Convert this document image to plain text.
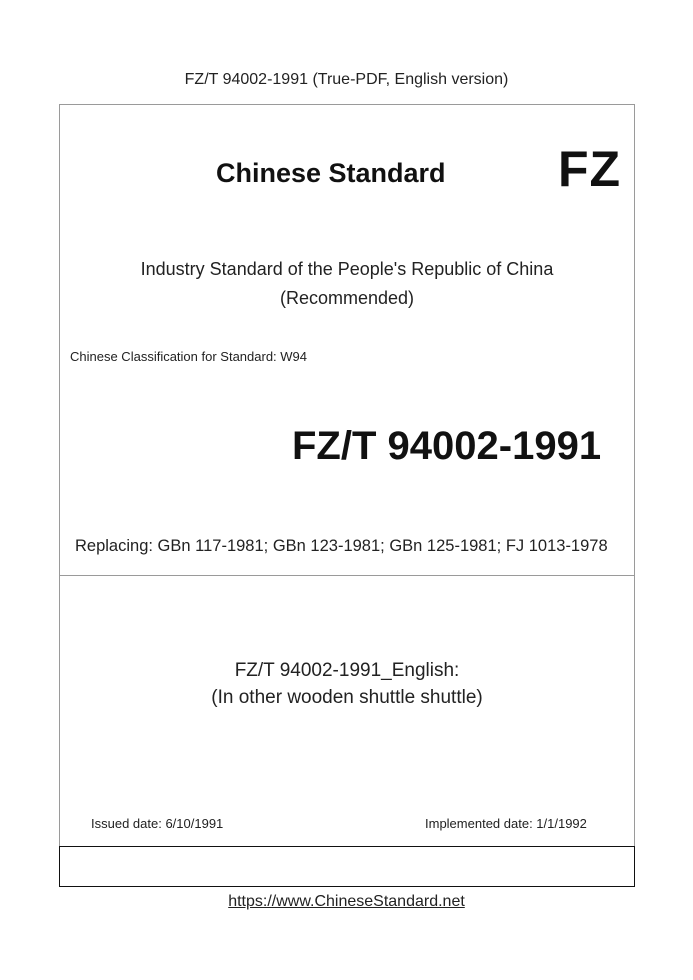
FZ/T 94002-1991 (True-PDF, English version)
Chinese Standard FZ
Industry Standard of the People's Republic of China
(Recommended)
Chinese Classification for Standard: W94
FZ/T 94002-1991
Replacing: GBn 117-1981; GBn 123-1981; GBn 125-1981; FJ 1013-1978
FZ/T 94002-1991_English:
(In other wooden shuttle shuttle)
Issued date: 6/10/1991	Implemented date: 1/1/1992
https://www.ChineseStandard.net
